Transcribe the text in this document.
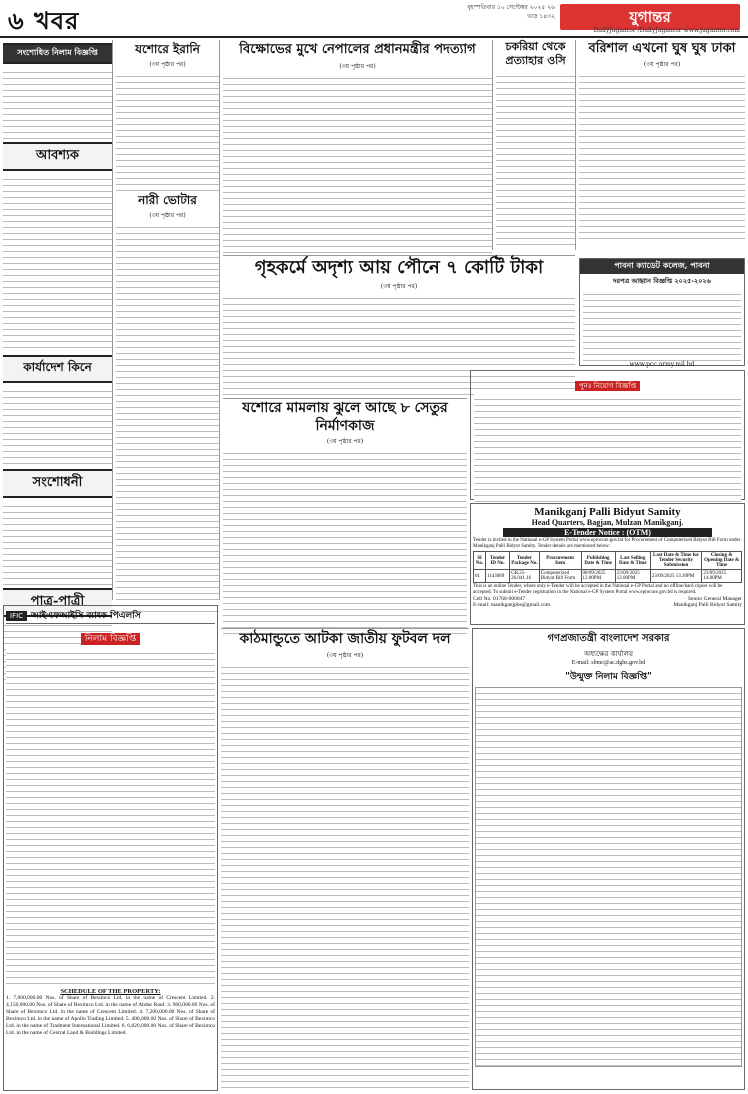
৬ খবর	বৃহস্পতিবার ১০ সেপ্টেম্বর ২০২৫ ২৬ ভাদ্র ১৪৩২	যুগান্তর
DailyJugantor /DailyJugantor www.jugantor.com
সংশোধিত নিলাম বিজ্ঞপ্তি
আবশ্যক
কার্যাদেশ কিনে
সংশোধনী
পাত্র-পাত্রী
যশোরে ইরানি
(৩য় পৃষ্ঠার পর)
নারী ভোটার
(৩য় পৃষ্ঠার পর)
বিক্ষোভের মুখে নেপালের প্রধানমন্ত্রীর পদত্যাগ
(৩য় পৃষ্ঠার পর)
চকরিয়া থেকে প্রত্যাহার ওসি
বরিশাল এখনো ঘুষ ঘুষ ঢাকা
(৩য় পৃষ্ঠার পর)
পাবনা ক্যাডেট কলেজ, পাবনা
দরপত্র আহ্বান বিজ্ঞপ্তি ২০২৫-২০২৬
www.pcc.army.mil.bd
গৃহকর্মে অদৃশ্য আয় পৌনে ৭ কোটি টাকা
(৩য় পৃষ্ঠার পর)
পুনঃ নিয়োগ বিজ্ঞপ্তি
যশোরে মামলায় ঝুলে আছে ৮ সেতুর নির্মাণকাজ
(৩য় পৃষ্ঠার পর)
Manikganj Palli Bidyut Samity
Head Quarters, Bagjan, Mulzan Manikganj.
E-Tender Notice : (OTM)
Tender is invited in the National e-GP System Portal www.eprocure.gov.bd for Procurement of Computerized Bidyut Bill Form under Manikganj Palli Bidyut Samity. Tender details are mentioned below:
Sl No.	Tender ID No.	Tender Package No.	Procurement Item	Publishing Date & Time	Last Selling Date & Time	Last Date & Time for Tender Security Submission	Closing & Opening Date & Time
01	1143089	GR.25-26.041.16	Computerized Bidyut Bill Form	08/09/2025 12.00PM	23/09/2025 12.00PM	23/09/2025 13.30PM	23/09/2025 14.00PM
This is an online Tender, where only e-Tender will be accepted in the National e-GP Portal and no offline/hard copies will be accepted. To submit e-Tender registration in the National e-GP System Portal www.eprocure.gov.bd is required.
Cell No. 01768-000047
E-mail: manikganjpbs@gmail.com
Senior General Manager
Manikganj Palli Bidyut Samity
IFIC আইএফআইসি ব্যাংক পিএলসি
নিলাম বিজ্ঞপ্তি
SCHEDULE OF THE PROPERTY:
1. 7,000,000.00 Nos. of Share of Beximco Ltd. in the name of Crescent Limited. 2. 4,150,000.00 Nos. of Share of Beximco Ltd. in the name of Abdur Rauf. 3. 960,000.00 Nos. of Share of Beximco Ltd. in the name of Crescent Limited. 4. 7,200,000.00 Nos. of Share of Beximco Ltd. in the name of Apollo Trading Limited. 5. 400,000.00 Nos. of Share of Beximco Ltd. in the name of Tradment International Limited. 6. 6,820,000.00 Nos. of Share of Beximco Ltd. in the name of Central Land & Buildings Limited.
কাঠমান্ডুতে আটকা জাতীয় ফুটবল দল
(৩য় পৃষ্ঠার পর)
গণপ্রজাতন্ত্রী বাংলাদেশ সরকার
অধ্যক্ষের কার্যালয়
E-mail: sbmc@ac.dghs.gov.bd
"উন্মুক্ত নিলাম বিজ্ঞপ্তি"
